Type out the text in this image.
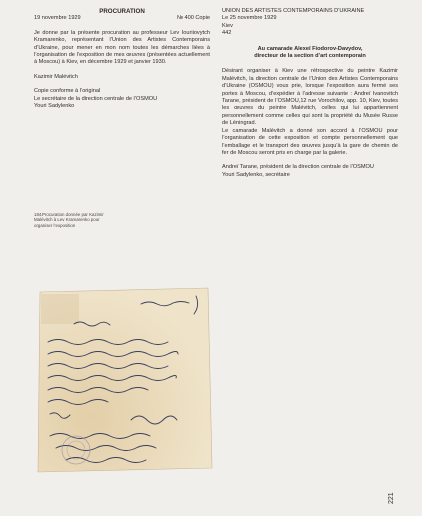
PROCURATION
19 novembre 1929	№ 400 Copie

Je donne par la présente procuration au professeur Lev Iouriiovytch Kramarenko, représentant l’Union des Artistes Contemporains d’Ukraine, pour mener en mon nom toutes les démarches liées à l’organisation de l’exposition de mes œuvres (présentées actuellement à Moscou) à Kiev, en décembre 1929 et janvier 1930.

Kazimir Malévitch

Copie conforme à l’original
Le secrétaire de la direction centrale de l’OSMOU
Youri Sadylenko
184.Procuration donnée par Kazimir Malévitch à Lev Kramarenko pour organiser l’exposition
UNION DES ARTISTES CONTEMPORAINS D’UKRAINE
Le 25 novembre 1929
Kiev
442
Au camarade Alexeï Fiodorov-Davydov,
directeur de la section d’art contemporain
Désirant organiser à Kiev une rétrospective du peintre Kazimir Malévitch, la direction centrale de l’Union des Artistes Contemporains d’Ukraine (OSMOU) vous prie, lorsque l’exposition aura fermé ses portes à Moscou, d’expédier à l’adresse suivante : Andreï Ivanovitch Tarane, président de l’OSMOU,12 rue Vorochilov, app. 10, Kiev, toutes les œuvres du peintre Malévitch, celles qui lui appartiennent personnellement comme celles qui sont la propriété du Musée Russe de Léningrad.

Le camarade Malévitch a donné son accord à l’OSMOU pour l’organisation de cette exposition et compte personnellement que l’emballage et le transport des œuvres jusqu’à la gare de chemin de fer de Moscou seront pris en charge par la galerie.

Andreï Tarane, président de la direction centrale de l’OSMOU
Youri Sadylenko, secrétaire
221
